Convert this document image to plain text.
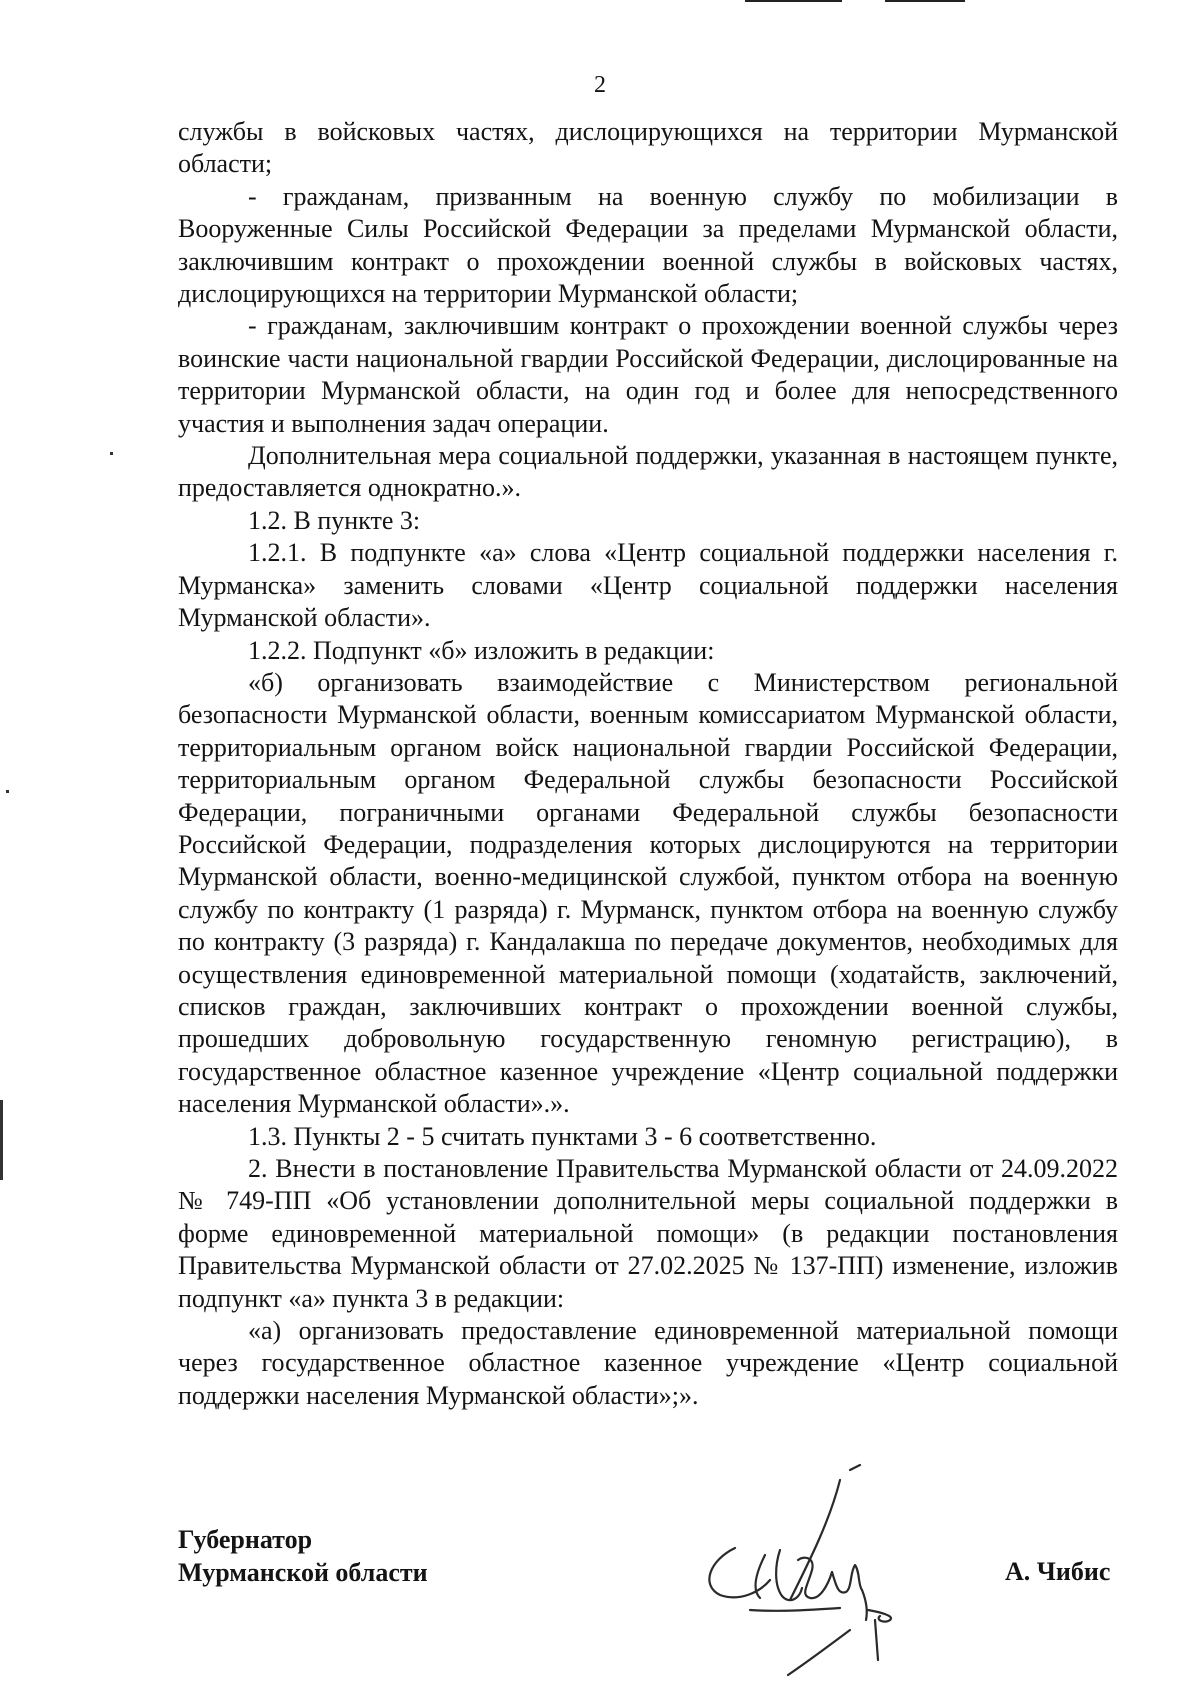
2

службы в войсковых частях, дислоцирующихся на территории Мурманской области;

- гражданам, призванным на военную службу по мобилизации в Вооруженные Силы Российской Федерации за пределами Мурманской области, заключившим контракт о прохождении военной службы в войсковых частях, дислоцирующихся на территории Мурманской области;

- гражданам, заключившим контракт о прохождении военной службы через воинские части национальной гвардии Российской Федерации, дислоцированные на территории Мурманской области, на один год и более для непосредственного участия и выполнения задач операции.

Дополнительная мера социальной поддержки, указанная в настоящем пункте, предоставляется однократно.».

1.2. В пункте 3:

1.2.1. В подпункте «а» слова «Центр социальной поддержки населения г. Мурманска» заменить словами «Центр социальной поддержки населения Мурманской области».

1.2.2. Подпункт «б» изложить в редакции:

«б) организовать взаимодействие с Министерством региональной безопасности Мурманской области, военным комиссариатом Мурманской области, территориальным органом войск национальной гвардии Российской Федерации, территориальным органом Федеральной службы безопасности Российской Федерации, пограничными органами Федеральной службы безопасности Российской Федерации, подразделения которых дислоцируются на территории Мурманской области, военно-медицинской службой, пунктом отбора на военную службу по контракту (1 разряда) г. Мурманск, пунктом отбора на военную службу по контракту (3 разряда) г. Кандалакша по передаче документов, необходимых для осуществления единовременной материальной помощи (ходатайств, заключений, списков граждан, заключивших контракт о прохождении военной службы, прошедших добровольную государственную геномную регистрацию), в государственное областное казенное учреждение «Центр социальной поддержки населения Мурманской области».».

1.3. Пункты 2 - 5 считать пунктами 3 - 6 соответственно.

2. Внести в постановление Правительства Мурманской области от 24.09.2022 № 749-ПП «Об установлении дополнительной меры социальной поддержки в форме единовременной материальной помощи» (в редакции постановления Правительства Мурманской области от 27.02.2025 № 137-ПП) изменение, изложив подпункт «а» пункта 3 в редакции:

«а) организовать предоставление единовременной материальной помощи через государственное областное казенное учреждение «Центр социальной поддержки населения Мурманской области»;».

Губернатор
Мурманской области	А. Чибис
